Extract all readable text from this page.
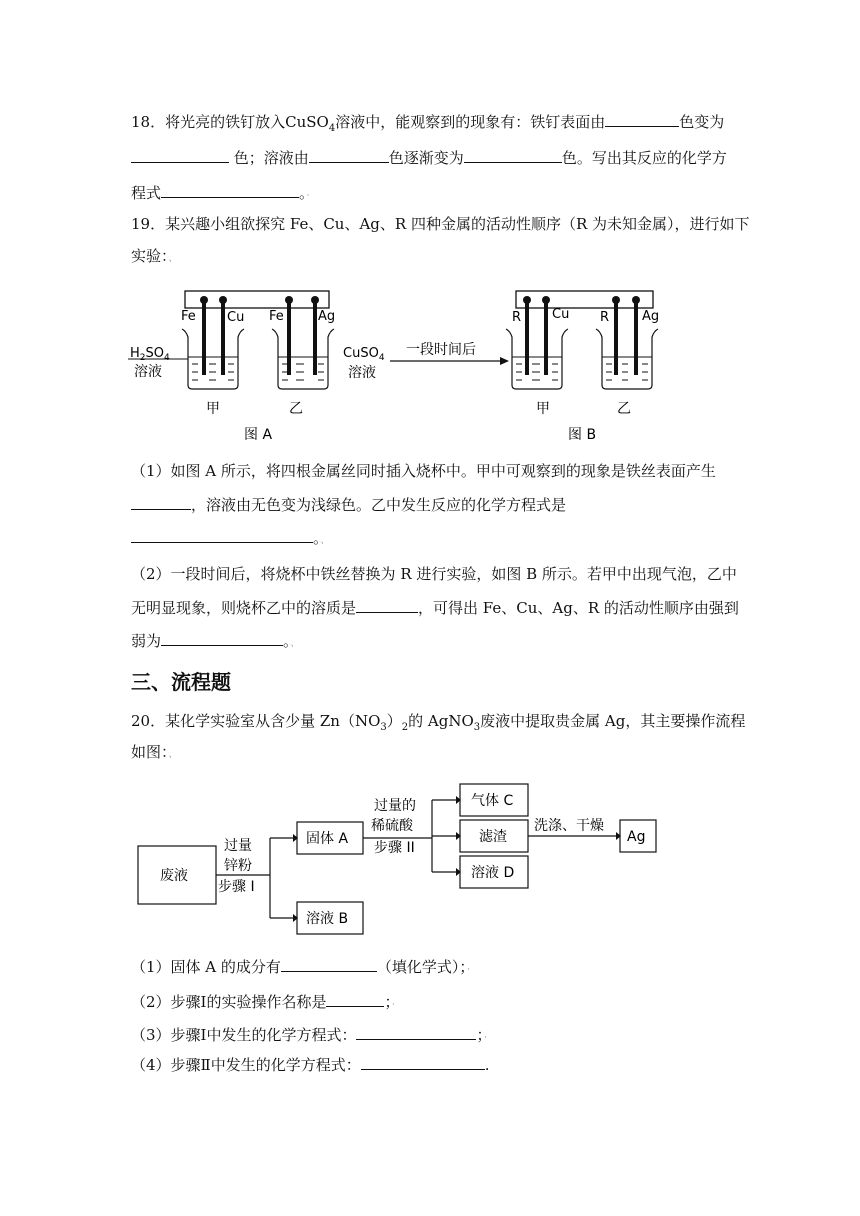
18．将光亮的铁钉放入CuSO$_4$溶液中，能观察到的现象有：铁钉表面由	色变为
色；溶液由	色逐渐变为	色。写出其反应的化学方
程式	。·
19．某兴趣小组欲探究 Fe、Cu、Ag、R 四种金属的活动性顺序（R 为未知金属），进行如下
实验：、
Fe Cu Fe	Ag
$H_2SO_4$
溶液
CuSO$_4$
溶液
甲	乙
图 A
一段时间后
R Cu R	Ag
甲	乙
图 B
（1）如图 A 所示，将四根金属丝同时插入烧杯中。甲中可观察到的现象是铁丝表面产生
，溶液由无色变为浅绿色。乙中发生反应的化学方程式是
。、
（2）一段时间后，将烧杯中铁丝替换为 R 进行实验，如图 B 所示。若甲中出现气泡，乙中
无明显现象，则烧杯乙中的溶质是	，可得出 Fe、Cu、Ag、R 的活动性顺序由强到
弱为	。、
三、流程题
20．某化学实验室从含少量 $Zn(NO_3)_2$的 AgNO$_3$废液中提取贵金属 Ag，其主要操作流程
如图：、
废液
过量
锌粉
步骤 I
固体 A
溶液 B
过量的
稀硫酸
步骤 II
气体 C
滤渣
溶液 D
洗涤、干燥
Ag
（1）固体 A 的成分有	（填化学式）；·
（2）步骤Ⅰ的实验操作名称是	；·
（3）步骤Ⅰ中发生的化学方程式：	；·
（4）步骤Ⅱ中发生的化学方程式：	.
